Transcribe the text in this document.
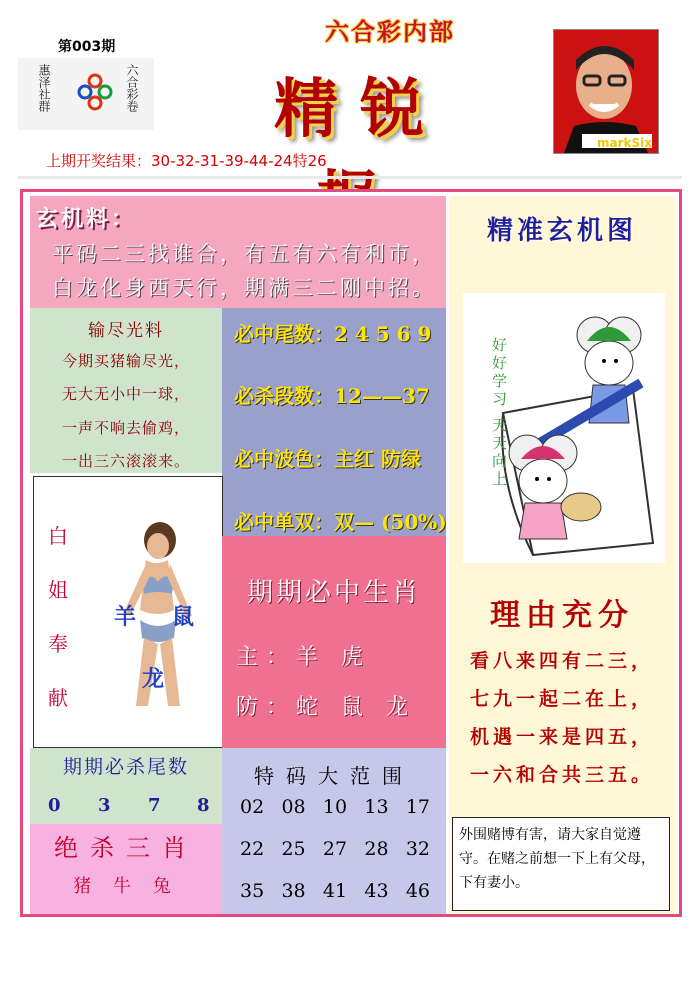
第003期
惠泽社群	六合彩卷
六合彩内部
精锐	markSix
上期开奖结果：30-32-31-39-44-24特26
玄机料：
平码二三找谁合，有五有六有利市，
白龙化身西天行，期满三二刚中招。
输尽光料
今期买猪输尽光，
无大无小中一球，
一声不响去偷鸡，
一出三六滚滚来。
必中尾数：2 4 5 6 9
必杀段数：12——37
必中波色：主红 防绿
必中单双：双— (50%)
白
姐
奉
献
羊 鼠
龙
期期必中生肖
主：羊 虎
防：蛇 鼠 龙
期期必杀尾数
0 3 7 8
绝杀三肖
猪 牛 兔
特码大范围
02 08 10 13 17
22 25 27 28 32
35 38 41 43 46
精准玄机图
好好学习 天天向上
理由充分
看八来四有二三，
七九一起二在上，
机遇一来是四五，
一六和合共三五。
外围赌博有害，请大家自觉遵守。在赌之前想一下上有父母，下有妻小。
